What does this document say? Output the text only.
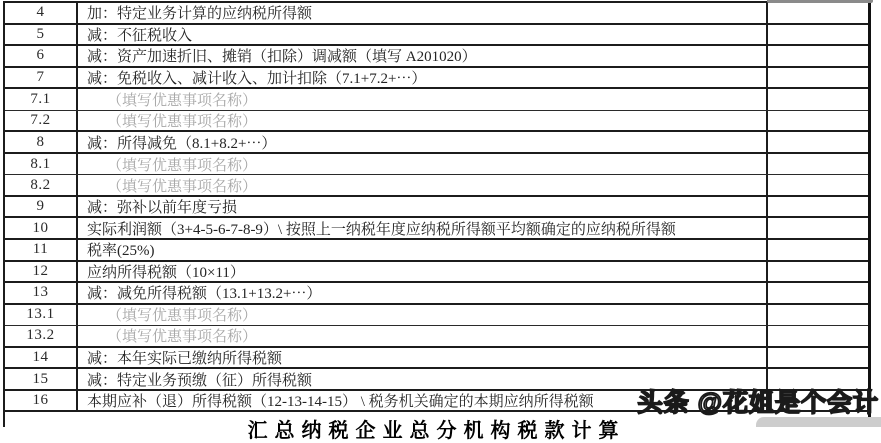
4	加：特定业务计算的应纳税所得额
5	减：不征税收入
6	减：资产加速折旧、摊销（扣除）调减额（填写 A201020）
7	减：免税收入、减计收入、加计扣除（7.1+7.2+⋯）
7.1	（填写优惠事项名称）
7.2	（填写优惠事项名称）
8	减：所得减免（8.1+8.2+⋯）
8.1	（填写优惠事项名称）
8.2	（填写优惠事项名称）
9	减：弥补以前年度亏损
10	实际利润额（3+4-5-6-7-8-9）\ 按照上一纳税年度应纳税所得额平均额确定的应纳税所得额
11	税率(25%)
12	应纳所得税额（10×11）
13	减：减免所得税额（13.1+13.2+⋯）
13.1	（填写优惠事项名称）
13.2	（填写优惠事项名称）
14	减：本年实际已缴纳所得税额
15	减：特定业务预缴（征）所得税额
16	本期应补（退）所得税额（12-13-14-15） \ 税务机关确定的本期应纳所得税额
汇总纳税企业总分机构税款计算
头条 @花姐是个会计
